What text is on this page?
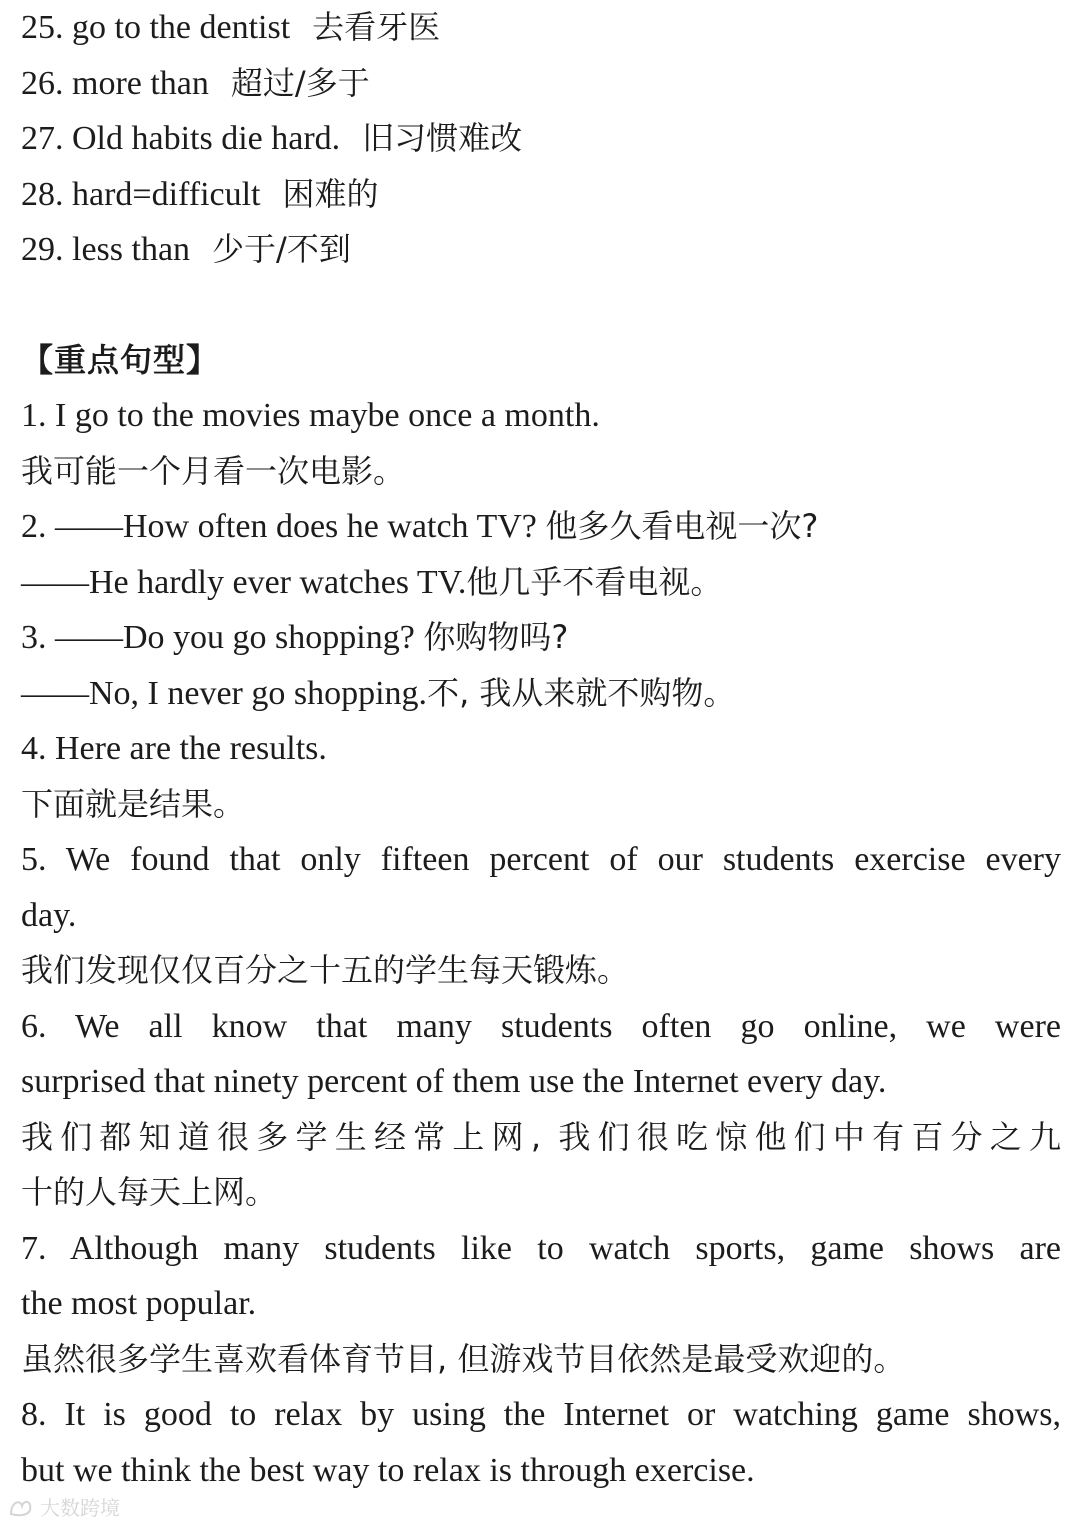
25. go to the dentist 去看牙医
26. more than 超过/多于
27. Old habits die hard. 旧习惯难改
28. hard=difficult 困难的
29. less than 少于/不到
【重点句型】
1. I go to the movies maybe once a month.
我可能一个月看一次电影。
2. ——How often does he watch TV? 他多久看电视一次?
——He hardly ever watches TV.他几乎不看电视。
3. ——Do you go shopping? 你购物吗?
——No, I never go shopping.不, 我从来就不购物。
4. Here are the results.
下面就是结果。
5. We found that only fifteen percent of our students exercise every
day.
我们发现仅仅百分之十五的学生每天锻炼。
6. We all know that many students often go online, we were
surprised that ninety percent of them use the Internet every day.
我们都知道很多学生经常上网, 我们很吃惊他们中有百分之九
十的人每天上网。
7. Although many students like to watch sports, game shows are
the most popular.
虽然很多学生喜欢看体育节目, 但游戏节目依然是最受欢迎的。
8. It is good to relax by using the Internet or watching game shows,
but we think the best way to relax is through exercise.
大数跨境
